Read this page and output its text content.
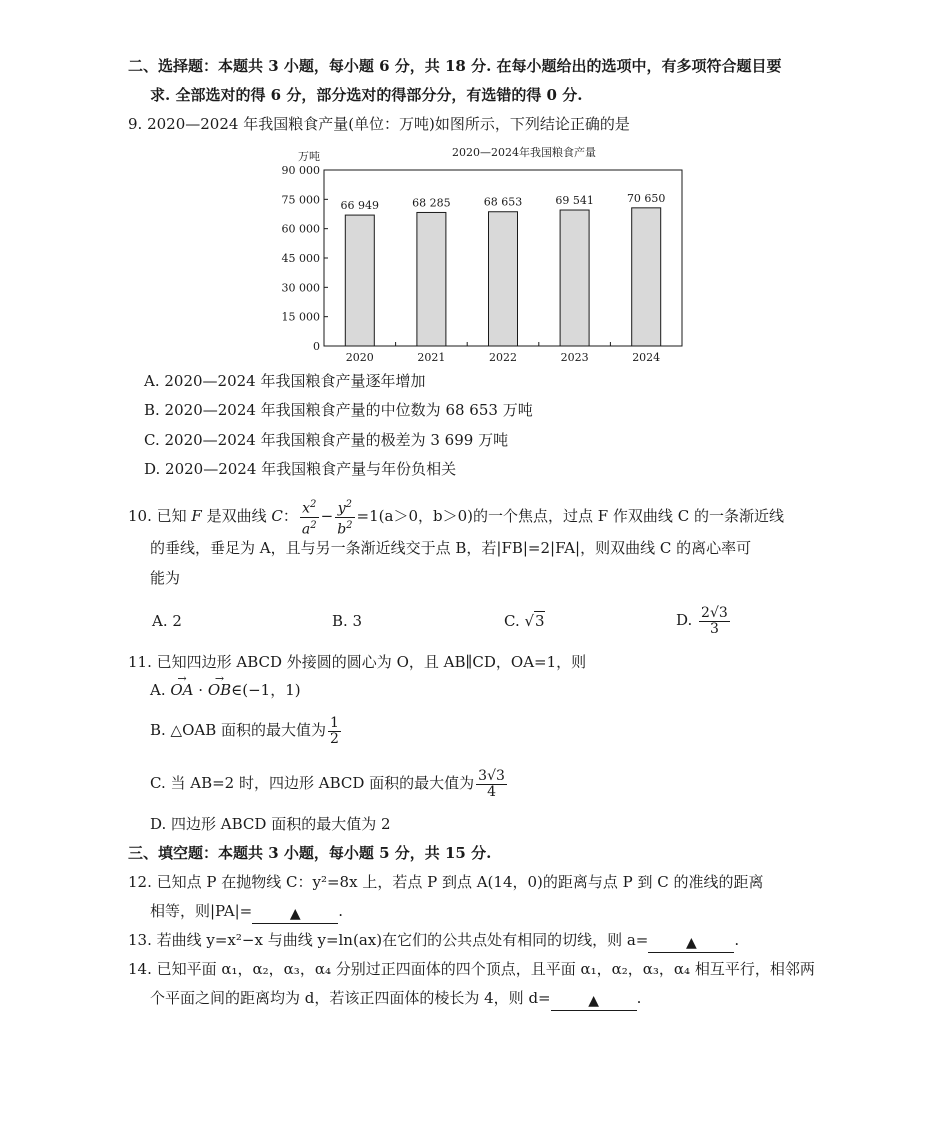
二、选择题：本题共 3 小题，每小题 6 分，共 18 分. 在每小题给出的选项中，有多项符合题目要
求. 全部选对的得 6 分，部分选对的得部分分，有选错的得 0 分.
9. 2020—2024 年我国粮食产量(单位：万吨)如图所示，下列结论正确的是
万吨	2020—2024年我国粮食产量
0
15 000
30 000
45 000
60 000
75 000
90 000
66 949
2020
68 285
2021
68 653
2022
69 541
2023
70 650
2024
A. 2020—2024 年我国粮食产量逐年增加
B. 2020—2024 年我国粮食产量的中位数为 68 653 万吨
C. 2020—2024 年我国粮食产量的极差为 3 699 万吨
D. 2020—2024 年我国粮食产量与年份负相关
10. 已知 F 是双曲线 C： $\frac{x^2}{a^2} - \frac{y^2}{b^2} =1(a>0$，b＞0)的一个焦点，过点 F 作双曲线 C 的一条渐近线
的垂线，垂足为 A，且与另一条渐近线交于点 B，若|FB|=2|FA|，则双曲线 C 的离心率可
能为
A. 2	B. 3	C. √3	D. $\frac{2√3}{3}$
11. 已知四边形 ABCD 外接圆的圆心为 O，且 AB∥CD，OA=1，则
A. → OA · → OB∈(−1，1)
B. △OAB 面积的最大值为 $\frac{1}{2}$
C. 当 AB=2 时，四边形 ABCD 面积的最大值为 $\frac{3√3}{4}$
D. 四边形 ABCD 面积的最大值为 2
三、填空题：本题共 3 小题，每小题 5 分，共 15 分.
12. 已知点 P 在抛物线 C：y²=8x 上，若点 P 到点 A(14，0)的距离与点 P 到 C 的准线的距离
相等，则|PA|=	▲	.
13. 若曲线 y=x²−x 与曲线 y=ln(ax)在它们的公共点处有相同的切线，则 a=	▲	.
14. 已知平面 α₁，α₂，α₃，α₄ 分别过正四面体的四个顶点，且平面 α₁，α₂，α₃，α₄ 相互平行，相邻两
个平面之间的距离均为 d，若该正四面体的棱长为 4，则 d=	▲	.
